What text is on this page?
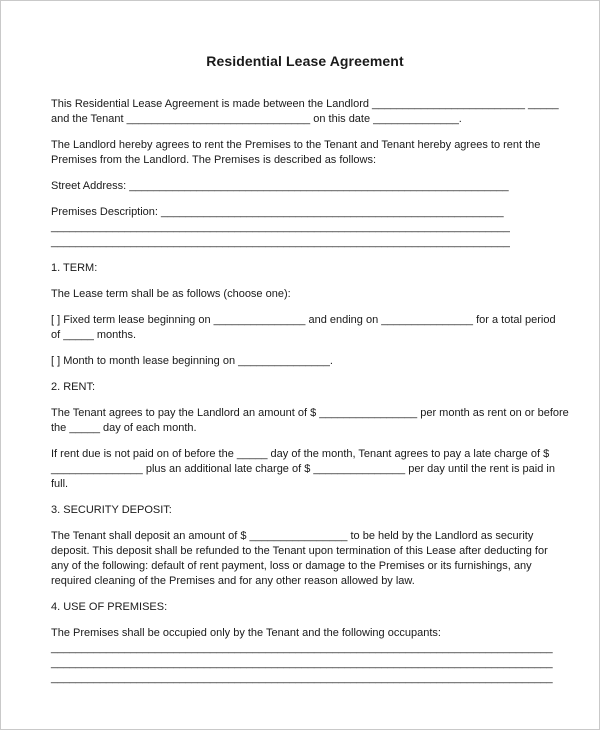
Residential Lease Agreement
This Residential Lease Agreement is made between the Landlord _________________________ _____
and the Tenant ______________________________ on this date ______________.
The Landlord hereby agrees to rent the Premises to the Tenant and Tenant hereby agrees to rent the
Premises from the Landlord. The Premises is described as follows:
Street Address: ______________________________________________________________
Premises Description: ________________________________________________________
___________________________________________________________________________
___________________________________________________________________________
1. TERM:
The Lease term shall be as follows (choose one):
[ ] Fixed term lease beginning on _______________ and ending on _______________ for a total period
of _____ months.
[ ] Month to month lease beginning on _______________.
2. RENT:
The Tenant agrees to pay the Landlord an amount of $ ________________ per month as rent on or before
the _____ day of each month.
If rent due is not paid on of before the _____ day of the month, Tenant agrees to pay a late charge of $
_______________ plus an additional late charge of $ _______________ per day until the rent is paid in
full.
3. SECURITY DEPOSIT:
The Tenant shall deposit an amount of $ ________________ to be held by the Landlord as security
deposit. This deposit shall be refunded to the Tenant upon termination of this Lease after deducting for
any of the following: default of rent payment, loss or damage to the Premises or its furnishings, any
required cleaning of the Premises and for any other reason allowed by law.
4. USE OF PREMISES:
The Premises shall be occupied only by the Tenant and the following occupants:
__________________________________________________________________________________
__________________________________________________________________________________
__________________________________________________________________________________
